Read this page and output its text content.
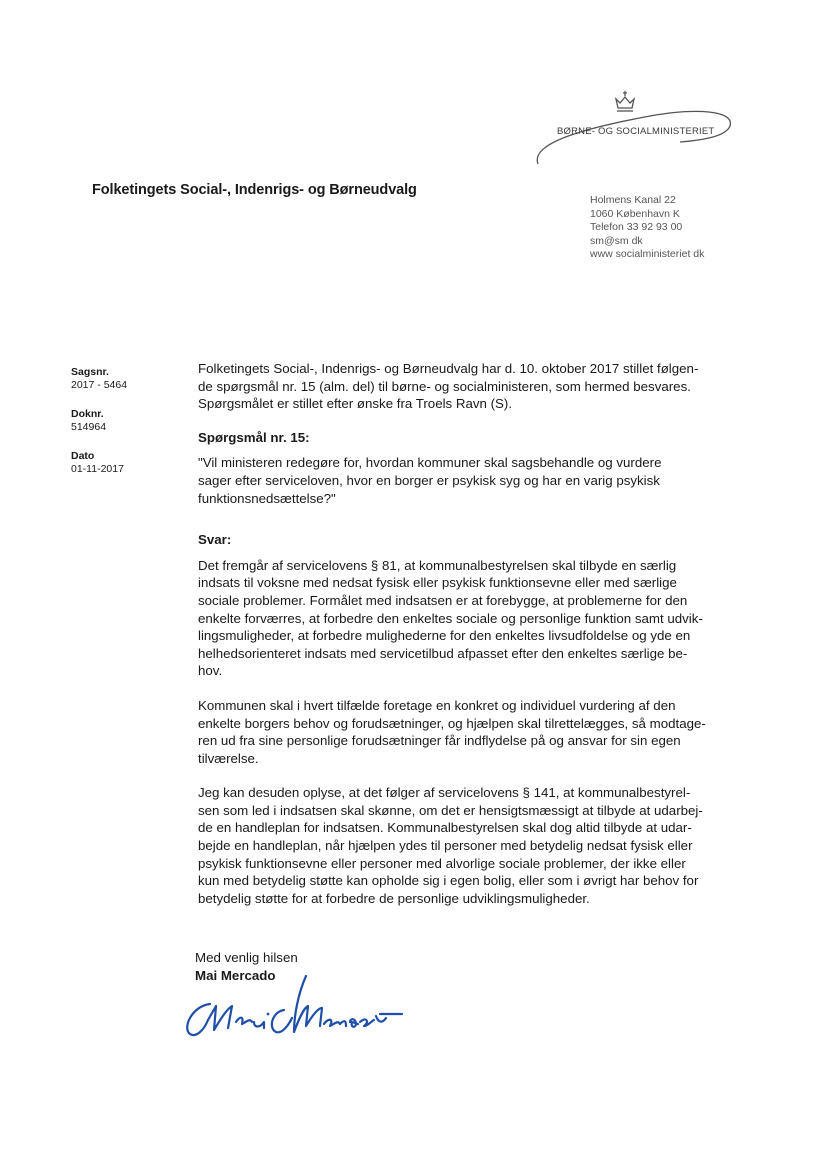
BØRNE- OG SOCIALMINISTERIET
Folketingets Social-, Indenrigs- og Børneudvalg
Holmens Kanal 22
1060 København K
Telefon 33 92 93 00
sm@sm dk
www socialministeriet dk
Sagsnr.
2017 - 5464
Doknr.
514964
Dato
01-11-2017

Folketingets Social-, Indenrigs- og Børneudvalg har d. 10. oktober 2017 stillet følgen-
de spørgsmål nr. 15 (alm. del) til børne- og socialministeren, som hermed besvares.
Spørgsmålet er stillet efter ønske fra Troels Ravn (S).

Spørgsmål nr. 15:

"Vil ministeren redegøre for, hvordan kommuner skal sagsbehandle og vurdere
sager efter serviceloven, hvor en borger er psykisk syg og har en varig psykisk
funktionsnedsættelse?"

Svar:

Det fremgår af servicelovens § 81, at kommunalbestyrelsen skal tilbyde en særlig
indsats til voksne med nedsat fysisk eller psykisk funktionsevne eller med særlige
sociale problemer. Formålet med indsatsen er at forebygge, at problemerne for den
enkelte forværres, at forbedre den enkeltes sociale og personlige funktion samt udvik-
lingsmuligheder, at forbedre mulighederne for den enkeltes livsudfoldelse og yde en
helhedsorienteret indsats med servicetilbud afpasset efter den enkeltes særlige be-
hov.

Kommunen skal i hvert tilfælde foretage en konkret og individuel vurdering af den
enkelte borgers behov og forudsætninger, og hjælpen skal tilrettelægges, så modtage-
ren ud fra sine personlige forudsætninger får indflydelse på og ansvar for sin egen
tilværelse.

Jeg kan desuden oplyse, at det følger af servicelovens § 141, at kommunalbestyrel-
sen som led i indsatsen skal skønne, om det er hensigtsmæssigt at tilbyde at udarbej-
de en handleplan for indsatsen. Kommunalbestyrelsen skal dog altid tilbyde at udar-
bejde en handleplan, når hjælpen ydes til personer med betydelig nedsat fysisk eller
psykisk funktionsevne eller personer med alvorlige sociale problemer, der ikke eller
kun med betydelig støtte kan opholde sig i egen bolig, eller som i øvrigt har behov for
betydelig støtte for at forbedre de personlige udviklingsmuligheder.

Med venlig hilsen
Mai Mercado
